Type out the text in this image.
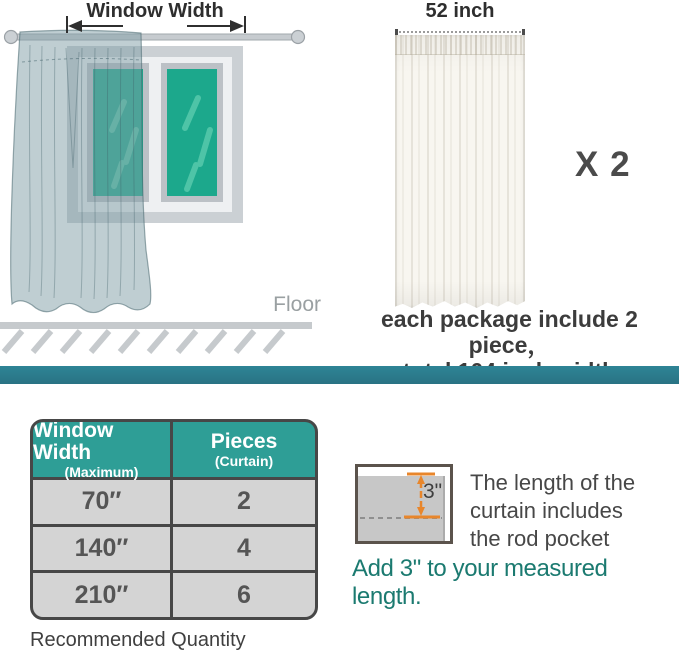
Window Width
Floor
52 inch
X 2
each package include 2 piece，
Window Width
(Maximum)
Pieces
(Curtain)
70″	2
140″	4
210″	6
Recommended Quantity
3" The length of the curtain includes the rod pocket
Add 3" to your measured length.
